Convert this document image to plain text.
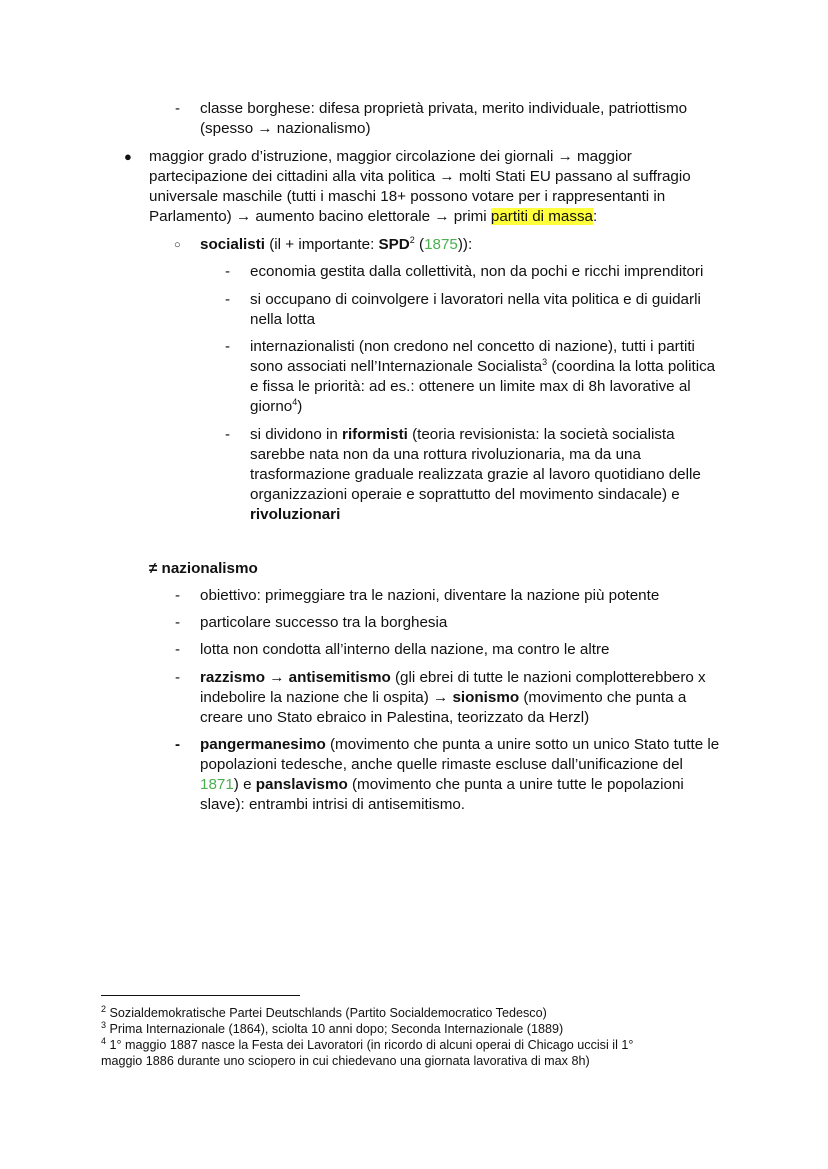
- classe borghese: difesa proprietà privata, merito individuale, patriottismo
(spesso → nazionalismo)
● maggior grado d’istruzione, maggior circolazione dei giornali → maggior
partecipazione dei cittadini alla vita politica → molti Stati EU passano al suffragio
universale maschile (tutti i maschi 18+ possono votare per i rappresentanti in
Parlamento) → aumento bacino elettorale → primi partiti di massa:
○ socialisti (il + importante: SPD$^2$ (1875)):
- economia gestita dalla collettività, non da pochi e ricchi imprenditori
- si occupano di coinvolgere i lavoratori nella vita politica e di guidarli
nella lotta
- internazionalisti (non credono nel concetto di nazione), tutti i partiti
sono associati nell’Internazionale Socialista$^3$ (coordina la lotta politica
e fissa le priorità: ad es.: ottenere un limite max di 8h lavorative al
giorno$^4$)
- si dividono in riformisti (teoria revisionista: la società socialista
sarebbe nata non da una rottura rivoluzionaria, ma da una
trasformazione graduale realizzata grazie al lavoro quotidiano delle
organizzazioni operaie e soprattutto del movimento sindacale) e
rivoluzionari
≠ nazionalismo
- obiettivo: primeggiare tra le nazioni, diventare la nazione più potente
- particolare successo tra la borghesia
- lotta non condotta all’interno della nazione, ma contro le altre
- razzismo → antisemitismo (gli ebrei di tutte le nazioni complotterebbero x
indebolire la nazione che li ospita) → sionismo (movimento che punta a
creare uno Stato ebraico in Palestina, teorizzato da Herzl)
- pangermanesimo (movimento che punta a unire sotto un unico Stato tutte le
popolazioni tedesche, anche quelle rimaste escluse dall’unificazione del
1871) e panslavismo (movimento che punta a unire tutte le popolazioni
slave): entrambi intrisi di antisemitismo.
$^2$ Sozialdemokratische Partei Deutschlands (Partito Socialdemocratico Tedesco)
$^3$ Prima Internazionale (1864), sciolta 10 anni dopo; Seconda Internazionale (1889)
$^4$ 1° maggio 1887 nasce la Festa dei Lavoratori (in ricordo di alcuni operai di Chicago uccisi il 1°
maggio 1886 durante uno sciopero in cui chiedevano una giornata lavorativa di max 8h)
